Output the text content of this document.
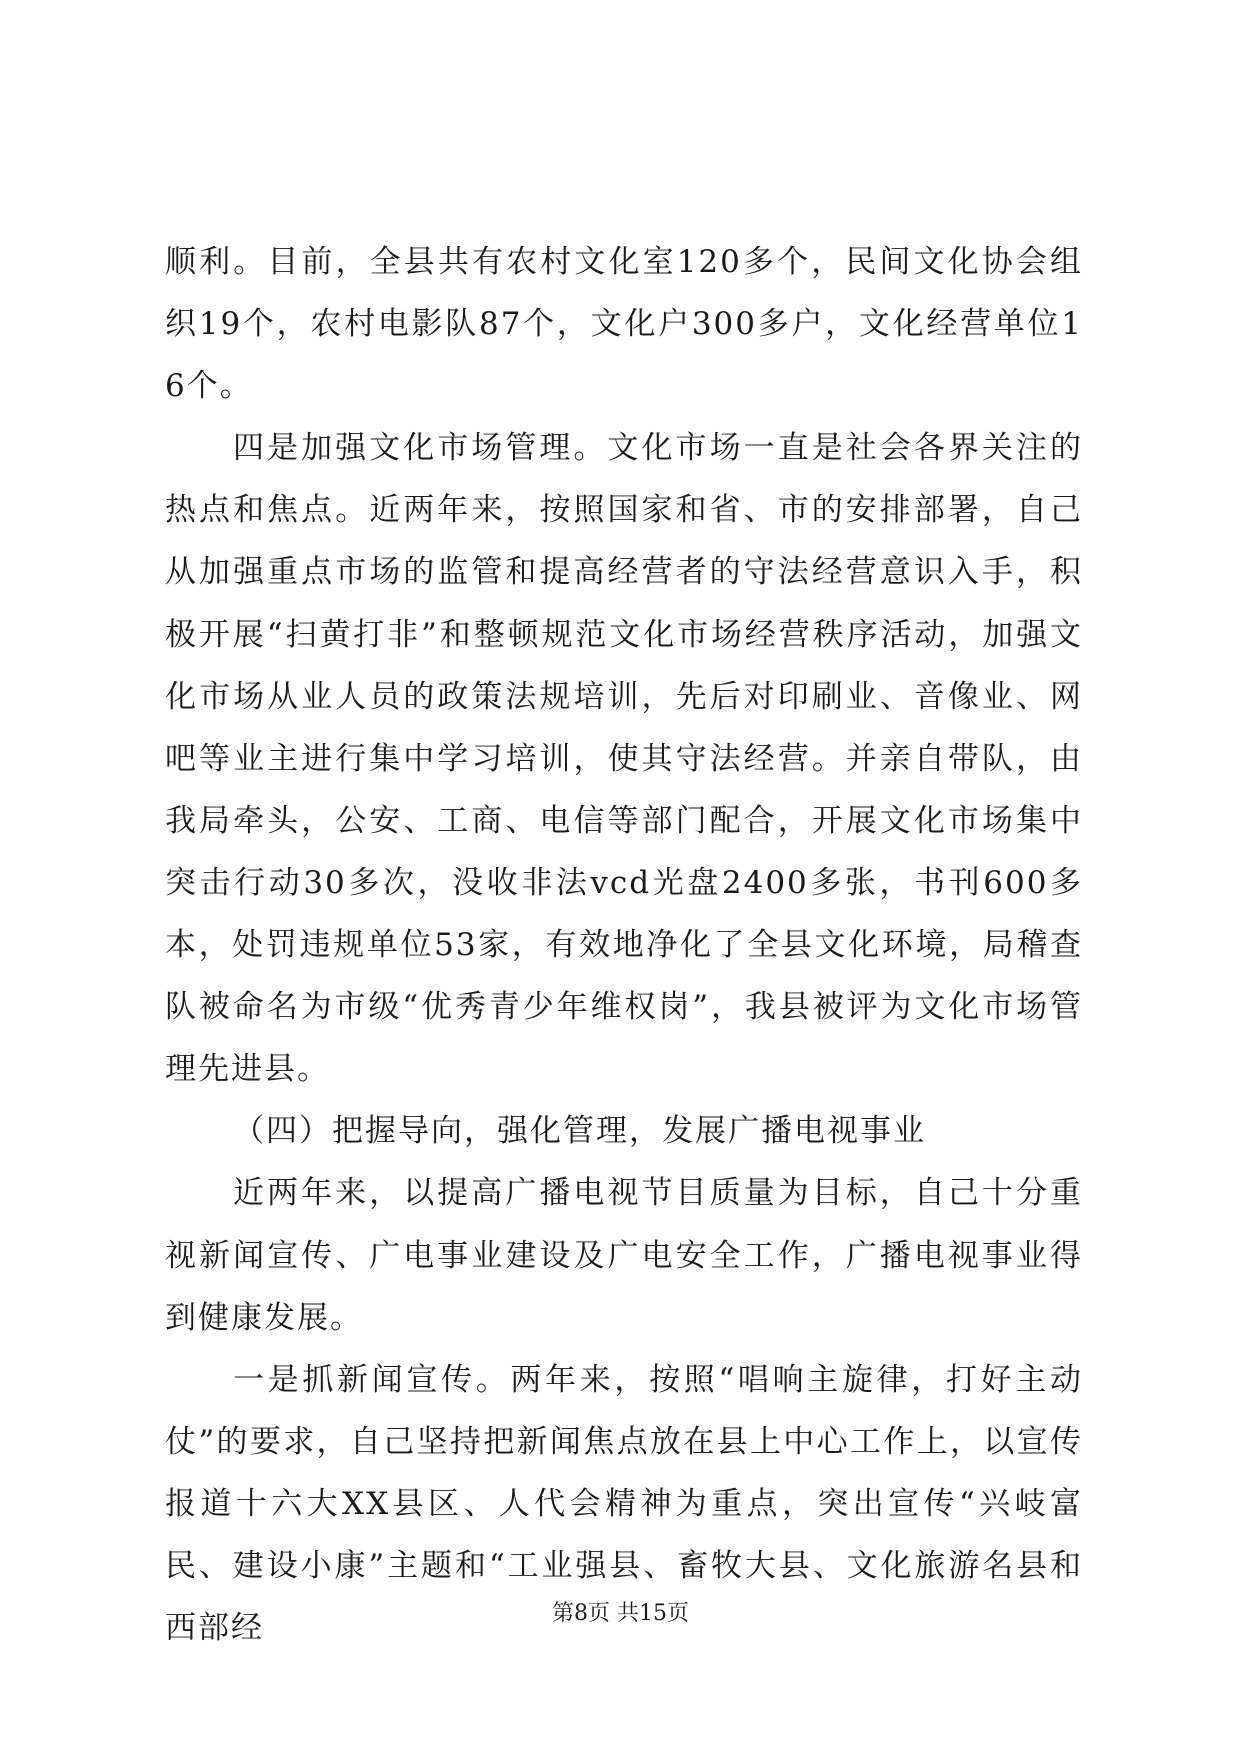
顺利。目前，全县共有农村文化室120多个，民间文化协会组织19个，农村电影队87个，文化户300多户，文化经营单位16个。

四是加强文化市场管理。文化市场一直是社会各界关注的热点和焦点。近两年来，按照国家和省、市的安排部署，自己从加强重点市场的监管和提高经营者的守法经营意识入手，积极开展“扫黄打非”和整顿规范文化市场经营秩序活动，加强文化市场从业人员的政策法规培训，先后对印刷业、音像业、网吧等业主进行集中学习培训，使其守法经营。并亲自带队，由我局牵头，公安、工商、电信等部门配合，开展文化市场集中突击行动30多次，没收非法vcd光盘2400多张，书刊600多本，处罚违规单位53家，有效地净化了全县文化环境，局稽查队被命名为市级“优秀青少年维权岗”，我县被评为文化市场管理先进县。

（四）把握导向，强化管理，发展广播电视事业

近两年来，以提高广播电视节目质量为目标，自己十分重视新闻宣传、广电事业建设及广电安全工作，广播电视事业得到健康发展。

一是抓新闻宣传。两年来，按照“唱响主旋律，打好主动仗”的要求，自己坚持把新闻焦点放在县上中心工作上，以宣传报道十六大XX县区、人代会精神为重点，突出宣传“兴岐富民、建设小康”主题和“工业强县、畜牧大县、文化旅游名县和西部经	第8页 共15页
